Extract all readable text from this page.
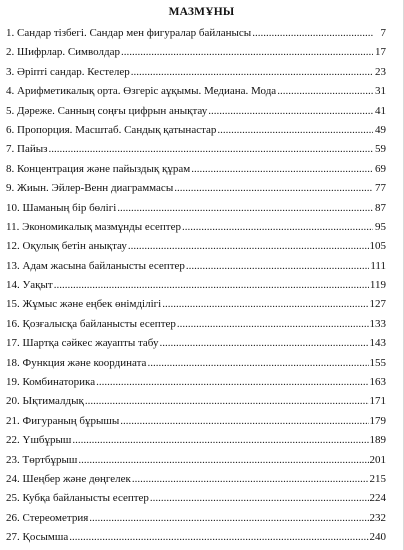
МАЗМҰНЫ
1. Сандар тізбегі. Сандар мен фигуралар байланысы .....	7
2. Шифрлар. Символдар .....	17
3. Әріпті сандар. Кестелер .....	23
4. Арифметикалық орта. Өзгеріс аұқымы. Медиана. Мода .....	31
5. Дәреже. Санның соңғы цифрын анықтау .....	41
6. Пропорция. Масштаб. Сандық қатынастар .....	49
7. Пайыз .....	59
8. Концентрация және пайыздық құрам .....	69
9. Жиын. Эйлер-Венн диаграммасы .....	77
10. Шаманың бір бөлігі .....	87
11. Экономикалық мазмұнды есептер .....	95
12. Оқулық бетін анықтау .....	105
13. Адам жасына байланысты есептер .....	111
14. Уақыт .....	119
15. Жұмыс және еңбек өнімділігі .....	127
16. Қозғалысқа байланысты есептер .....	133
17. Шартқа сәйкес жауапты табу .....	143
18. Функция және координата .....	155
19. Комбинаторика .....	163
20. Ықтималдық .....	171
21. Фигураның бұрышы .....	179
22. Үшбұрыш .....	189
23. Төртбұрыш .....	201
24. Шеңбер және дөңгелек .....	215
25. Кубқа байланысты есептер .....	224
26. Стереометрия .....	232
27. Қосымша .....	240
